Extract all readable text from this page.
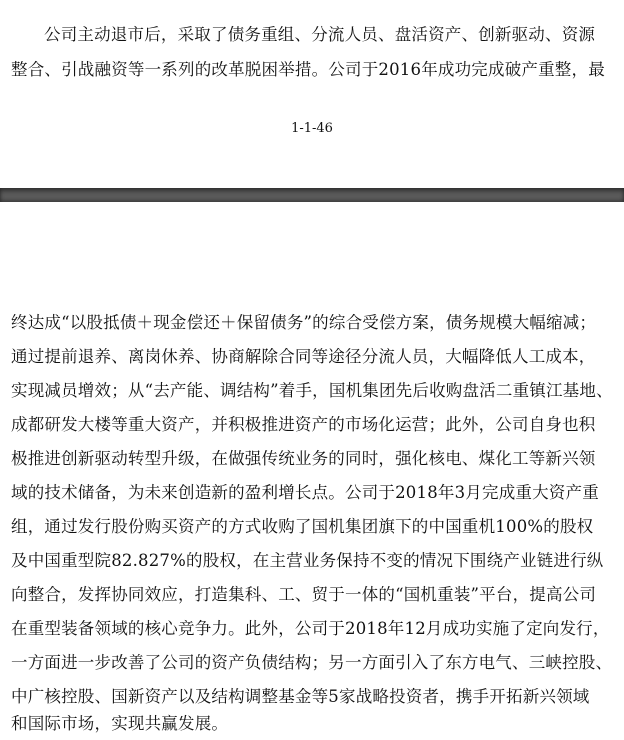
公司主动退市后，采取了债务重组、分流人员、盘活资产、创新驱动、资源
整合、引战融资等一系列的改革脱困举措。公司于2016年成功完成破产重整，最
1-1-46
终达成“以股抵债＋现金偿还＋保留债务”的综合受偿方案，债务规模大幅缩减；
通过提前退养、离岗休养、协商解除合同等途径分流人员，大幅降低人工成本，
实现减员增效；从“去产能、调结构”着手，国机集团先后收购盘活二重镇江基地、
成都研发大楼等重大资产，并积极推进资产的市场化运营；此外，公司自身也积
极推进创新驱动转型升级，在做强传统业务的同时，强化核电、煤化工等新兴领
域的技术储备，为未来创造新的盈利增长点。公司于2018年3月完成重大资产重
组，通过发行股份购买资产的方式收购了国机集团旗下的中国重机100%的股权
及中国重型院82.827%的股权，在主营业务保持不变的情况下围绕产业链进行纵
向整合，发挥协同效应，打造集科、工、贸于一体的“国机重装”平台，提高公司
在重型装备领域的核心竞争力。此外，公司于2018年12月成功实施了定向发行，
一方面进一步改善了公司的资产负债结构；另一方面引入了东方电气、三峡控股、
中广核控股、国新资产以及结构调整基金等5家战略投资者，携手开拓新兴领域
和国际市场，实现共赢发展。
